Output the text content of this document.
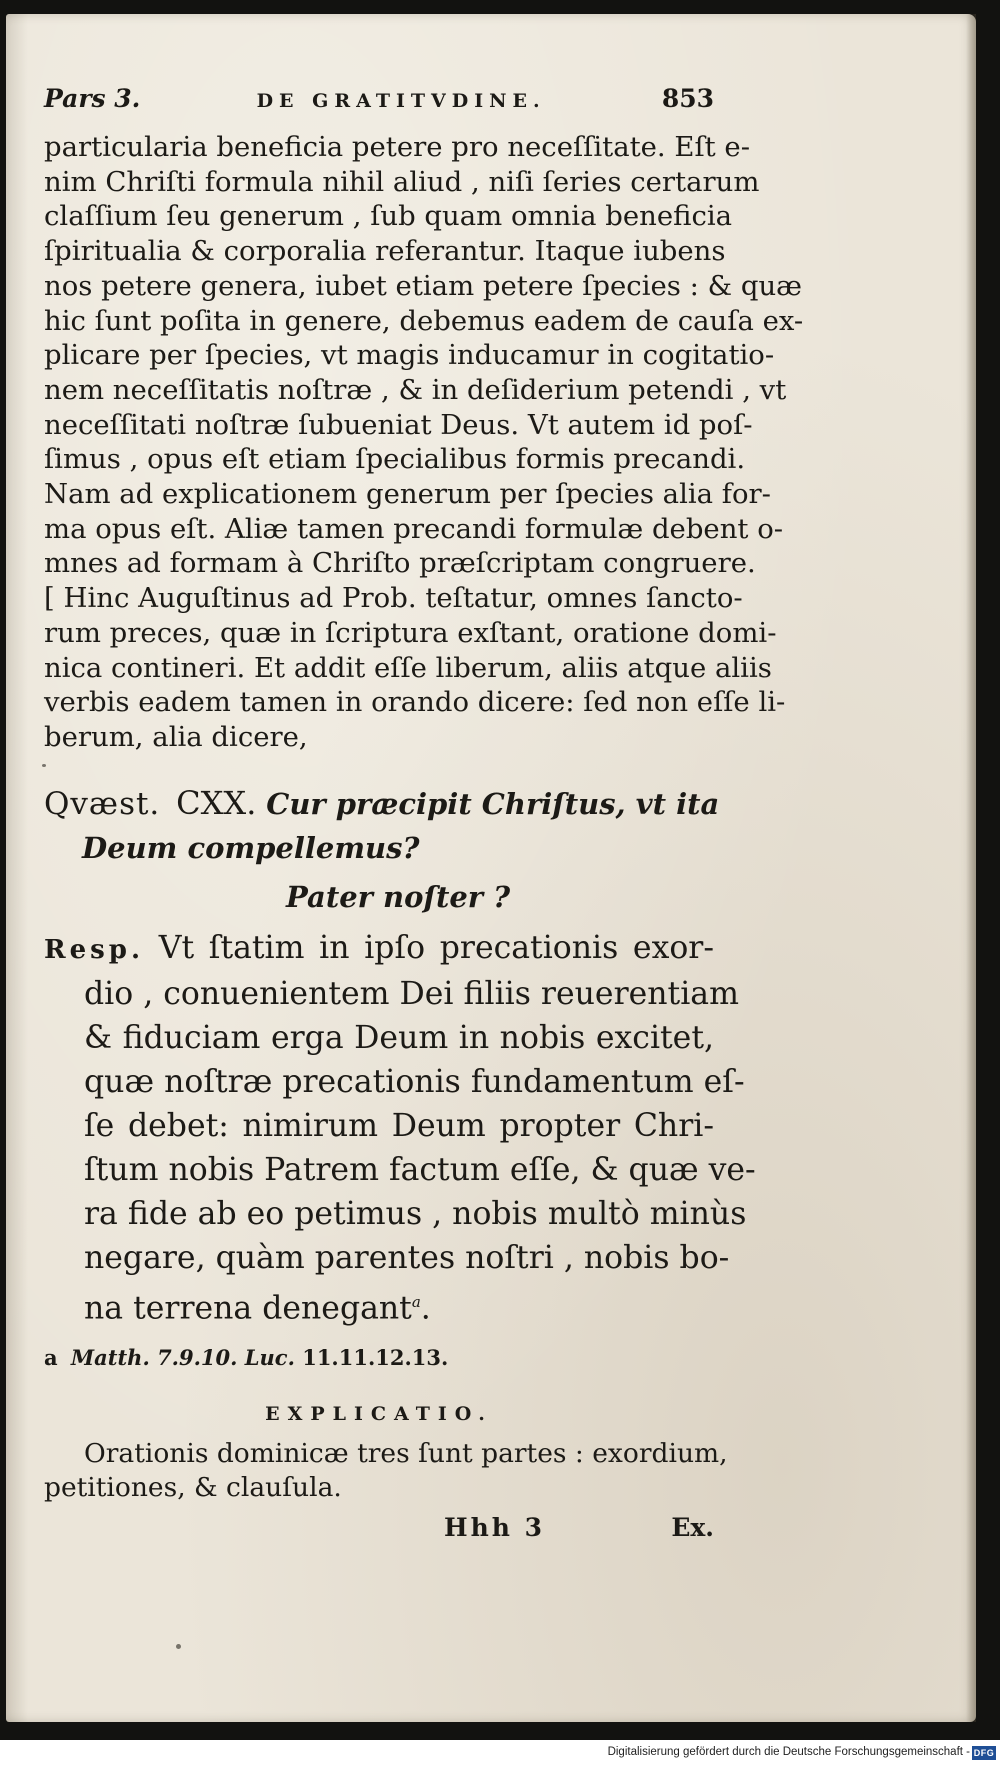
Pars 3.	DE GRATITVDINE.	853
particularia beneficia petere pro neceſſitate. Eſt e-
nim Chriſti formula nihil aliud , niſi ſeries certarum
claſſium ſeu generum , ſub quam omnia beneficia
ſpiritualia & corporalia referantur. Itaque iubens
nos petere genera, iubet etiam petere ſpecies : & quæ
hic ſunt poſita in genere, debemus eadem de cauſa ex-
plicare per ſpecies, vt magis inducamur in cogitatio-
nem neceſſitatis noſtræ , & in deſiderium petendi , vt
neceſſitati noſtræ ſubueniat Deus. Vt autem id poſ-
ſimus , opus eſt etiam ſpecialibus formis precandi.
Nam ad explicationem generum per ſpecies alia for-
ma opus eſt. Aliæ tamen precandi formulæ debent o-
mnes ad formam à Chriſto præſcriptam congruere.
[ Hinc Auguſtinus ad Prob. teſtatur, omnes ſancto-
rum preces, quæ in ſcriptura exſtant, oratione domi-
nica contineri. Et addit eſſe liberum, aliis atque aliis
verbis eadem tamen in orando dicere: ſed non eſſe li-
berum, alia dicere,
Qvæst. CXX. Cur præcipit Chriſtus, vt ita
Deum compellemus?
Pater noſter ?
Resp. Vt ſtatim in ipſo precationis exor-
dio , conuenientem Dei filiis reuerentiam
& fiduciam erga Deum in nobis excitet,
quæ noſtræ precationis fundamentum eſ-
ſe debet: nimirum Deum propter Chri-
ſtum nobis Patrem factum eſſe, & quæ ve-
ra fide ab eo petimus , nobis multò minùs
negare, quàm parentes noſtri , nobis bo-
na terrena denegant$^a$.
a Matth. 7.9.10. Luc. 11.11.12.13.
EXPLICATIO.
Orationis dominicæ tres ſunt partes : exordium,
petitiones, & clauſula.
Hhh 3	Ex.
Digitalisierung gefördert durch die Deutsche Forschungsgemeinschaft - DFG
